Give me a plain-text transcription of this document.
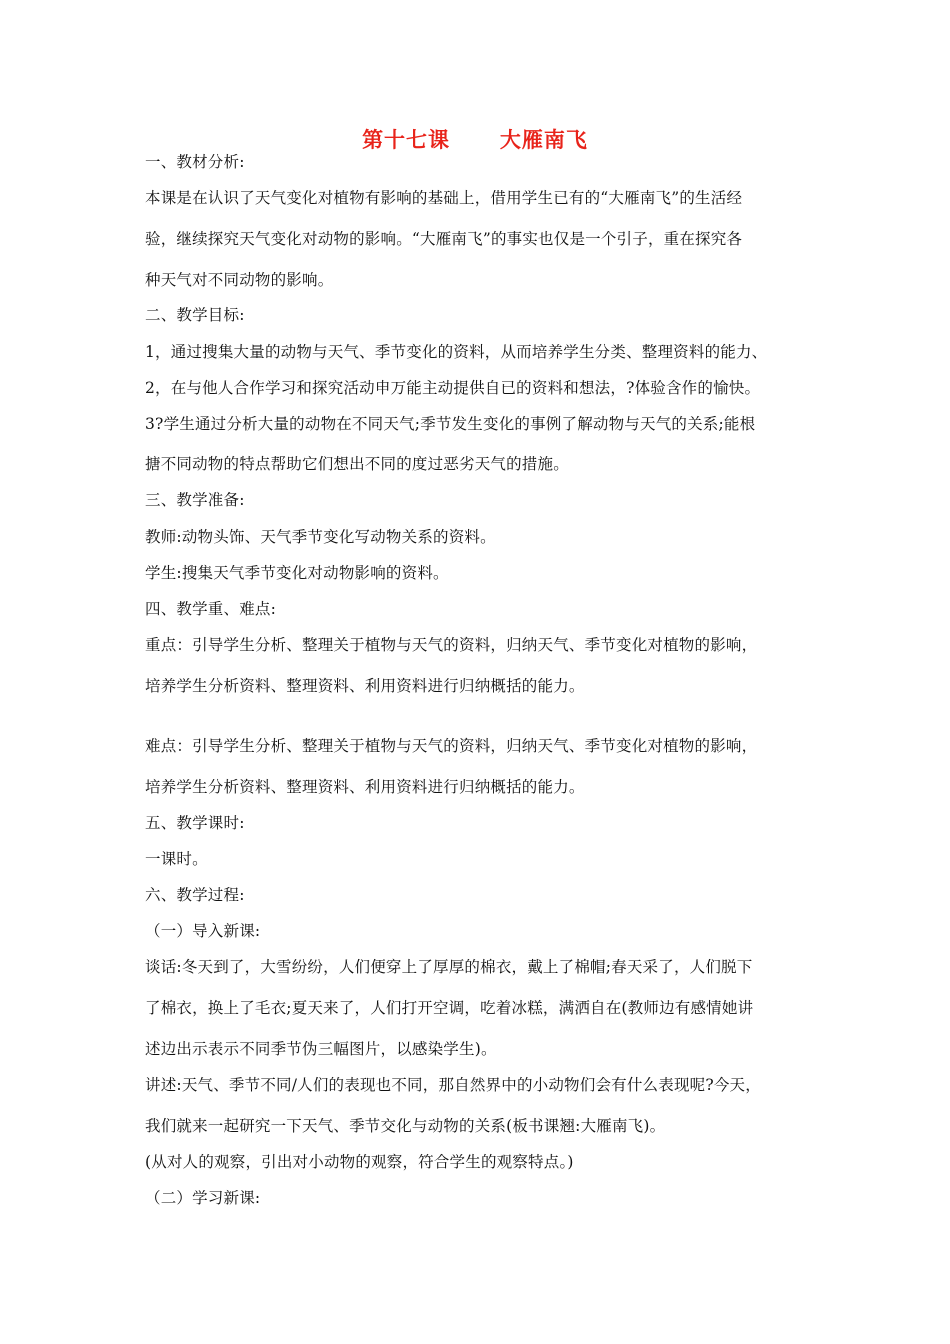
第十七课      大雁南飞
一、教材分析:
本课是在认识了天气变化对植物有影响的基础上，借用学生已有的“大雁南飞”的生活经
验，继续探究天气变化对动物的影响。“大雁南飞”的事实也仅是一个引子，重在探究各
种天气对不同动物的影响。
二、教学目标:
1，通过搜集大量的动物与天气、季节变化的资料，从而培养学生分类、整理资料的能力、
2，在与他人合作学习和探究活动申万能主动提供自已的资料和想法，?体验含作的愉快。
3?学生通过分析大量的动物在不同天气;季节发生变化的事例了解动物与天气的关系;能根
搪不同动物的特点帮助它们想出不同的度过恶劣天气的措施。
三、教学准备:
教师:动物头饰、天气季节变化写动物关系的资料。
学生:搜集天气季节变化对动物影响的资料。
四、教学重、难点:
重点：引导学生分析、整理关于植物与天气的资料，归纳天气、季节变化对植物的影响，
培养学生分析资料、整理资料、利用资料进行归纳概括的能力。
难点：引导学生分析、整理关于植物与天气的资料，归纳天气、季节变化对植物的影响，
培养学生分析资料、整理资料、利用资料进行归纳概括的能力。
五、教学课时:
一课时。
六、教学过程:
（一）导入新课:
谈话:冬天到了，大雪纷纷，人们便穿上了厚厚的棉衣，戴上了棉帽;春天采了，人们脱下
了棉衣，换上了毛衣;夏天来了，人们打开空调，吃着冰糕，满洒自在(教师边有感情她讲
述边出示表示不同季节伪三幅图片，以感染学生)。
讲述:天气、季节不同/人们的表现也不同，那自然界中的小动物们会有什么表现呢?今天，
我们就来一起研究一下天气、季节交化与动物的关系(板书课翘:大雁南飞)。
(从对人的观察，引出对小动物的观察，符合学生的观察特点。)
（二）学习新课:
